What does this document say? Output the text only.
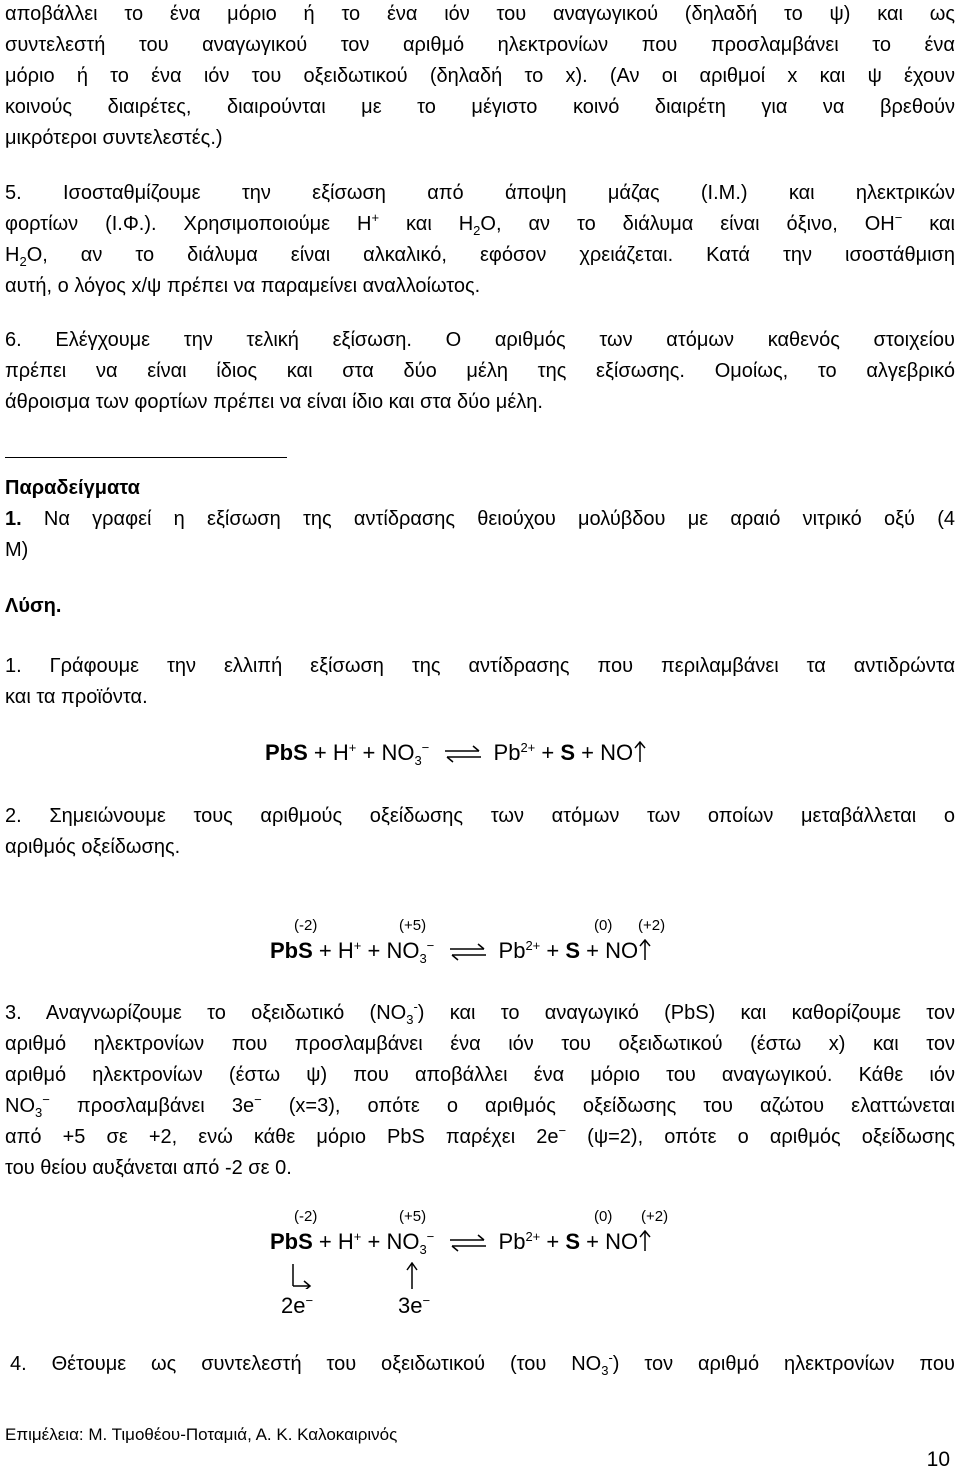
αποβάλλει το ένα μόριο ή το ένα ιόν του αναγωγικού (δηλαδή το ψ) και ως
συντελεστή του αναγωγικού τον αριθμό ηλεκτρονίων που προσλαμβάνει το ένα
μόριο ή το ένα ιόν του οξειδωτικού (δηλαδή το x). (Αν οι αριθμοί x και ψ έχουν
κοινούς διαιρέτες, διαιρούνται με το μέγιστο κοινό διαιρέτη για να βρεθούν
μικρότεροι συντελεστές.)
5. Ισοσταθμίζουμε την εξίσωση από άποψη μάζας (Ι.Μ.) και ηλεκτρικών
φορτίων (Ι.Φ.). Χρησιμοποιούμε Η+ και $H_2O$, αν το διάλυμα είναι όξινο, ΟΗ− και
$H_2O$, αν το διάλυμα είναι αλκαλικό, εφόσον χρειάζεται. Κατά την ισοστάθμιση
αυτή, ο λόγος x/ψ πρέπει να παραμείνει αναλλοίωτος.
6. Ελέγχουμε την τελική εξίσωση. Ο αριθμός των ατόμων καθενός στοιχείου
πρέπει να είναι ίδιος και στα δύο μέλη της εξίσωσης. Ομοίως, το αλγεβρικό
άθροισμα των φορτίων πρέπει να είναι ίδιο και στα δύο μέλη.
Παραδείγματα
1. Να γραφεί η εξίσωση της αντίδρασης θειούχου μολύβδου με αραιό νιτρικό οξύ (4
M)
Λύση.
1. Γράφουμε την ελλιπή εξίσωση της αντίδρασης που περιλαμβάνει τα αντιδρώντα
και τα προϊόντα.
PbS + $H^+ + NO_3^-$ ⇌ $Pb^{2+} + S$ + NO
2. Σημειώνουμε τους αριθμούς οξείδωσης των ατόμων των οποίων μεταβάλλεται ο
αριθμός οξείδωσης.
(-2)	(+5)	(0) (+2)
PbS + $H^+ + NO_3^-$ ⇌ $Pb^{2+} + S$ + NO
3. Αναγνωρίζουμε το οξειδωτικό $(NO_3^-)$ και το αναγωγικό (PbS) και καθορίζουμε τον
αριθμό ηλεκτρονίων που προσλαμβάνει ένα ιόν του οξειδωτικού (έστω x) και τον
αριθμό ηλεκτρονίων (έστω ψ) που αποβάλλει ένα μόριο του αναγωγικού. Κάθε ιόν
$NO_3^-$ προσλαμβάνει 3e− (x=3), οπότε ο αριθμός οξείδωσης του αζώτου ελαττώνεται
από +5 σε +2, ενώ κάθε μόριο PbS παρέχει 2e− (ψ=2), οπότε ο αριθμός οξείδωσης
του θείου αυξάνεται από -2 σε 0.
(-2)	(+5)	(0) (+2)
PbS + $H^+ + NO_3^-$ ⇌ $Pb^{2+} + S$ + NO
2e−	3e−
4. Θέτουμε ως συντελεστή του οξειδωτικού (του $NO_3^-$) τον αριθμό ηλεκτρονίων που
Επιμέλεια: Μ. Τιμοθέου-Ποταμιά, Α. Κ. Καλοκαιρινός
10
